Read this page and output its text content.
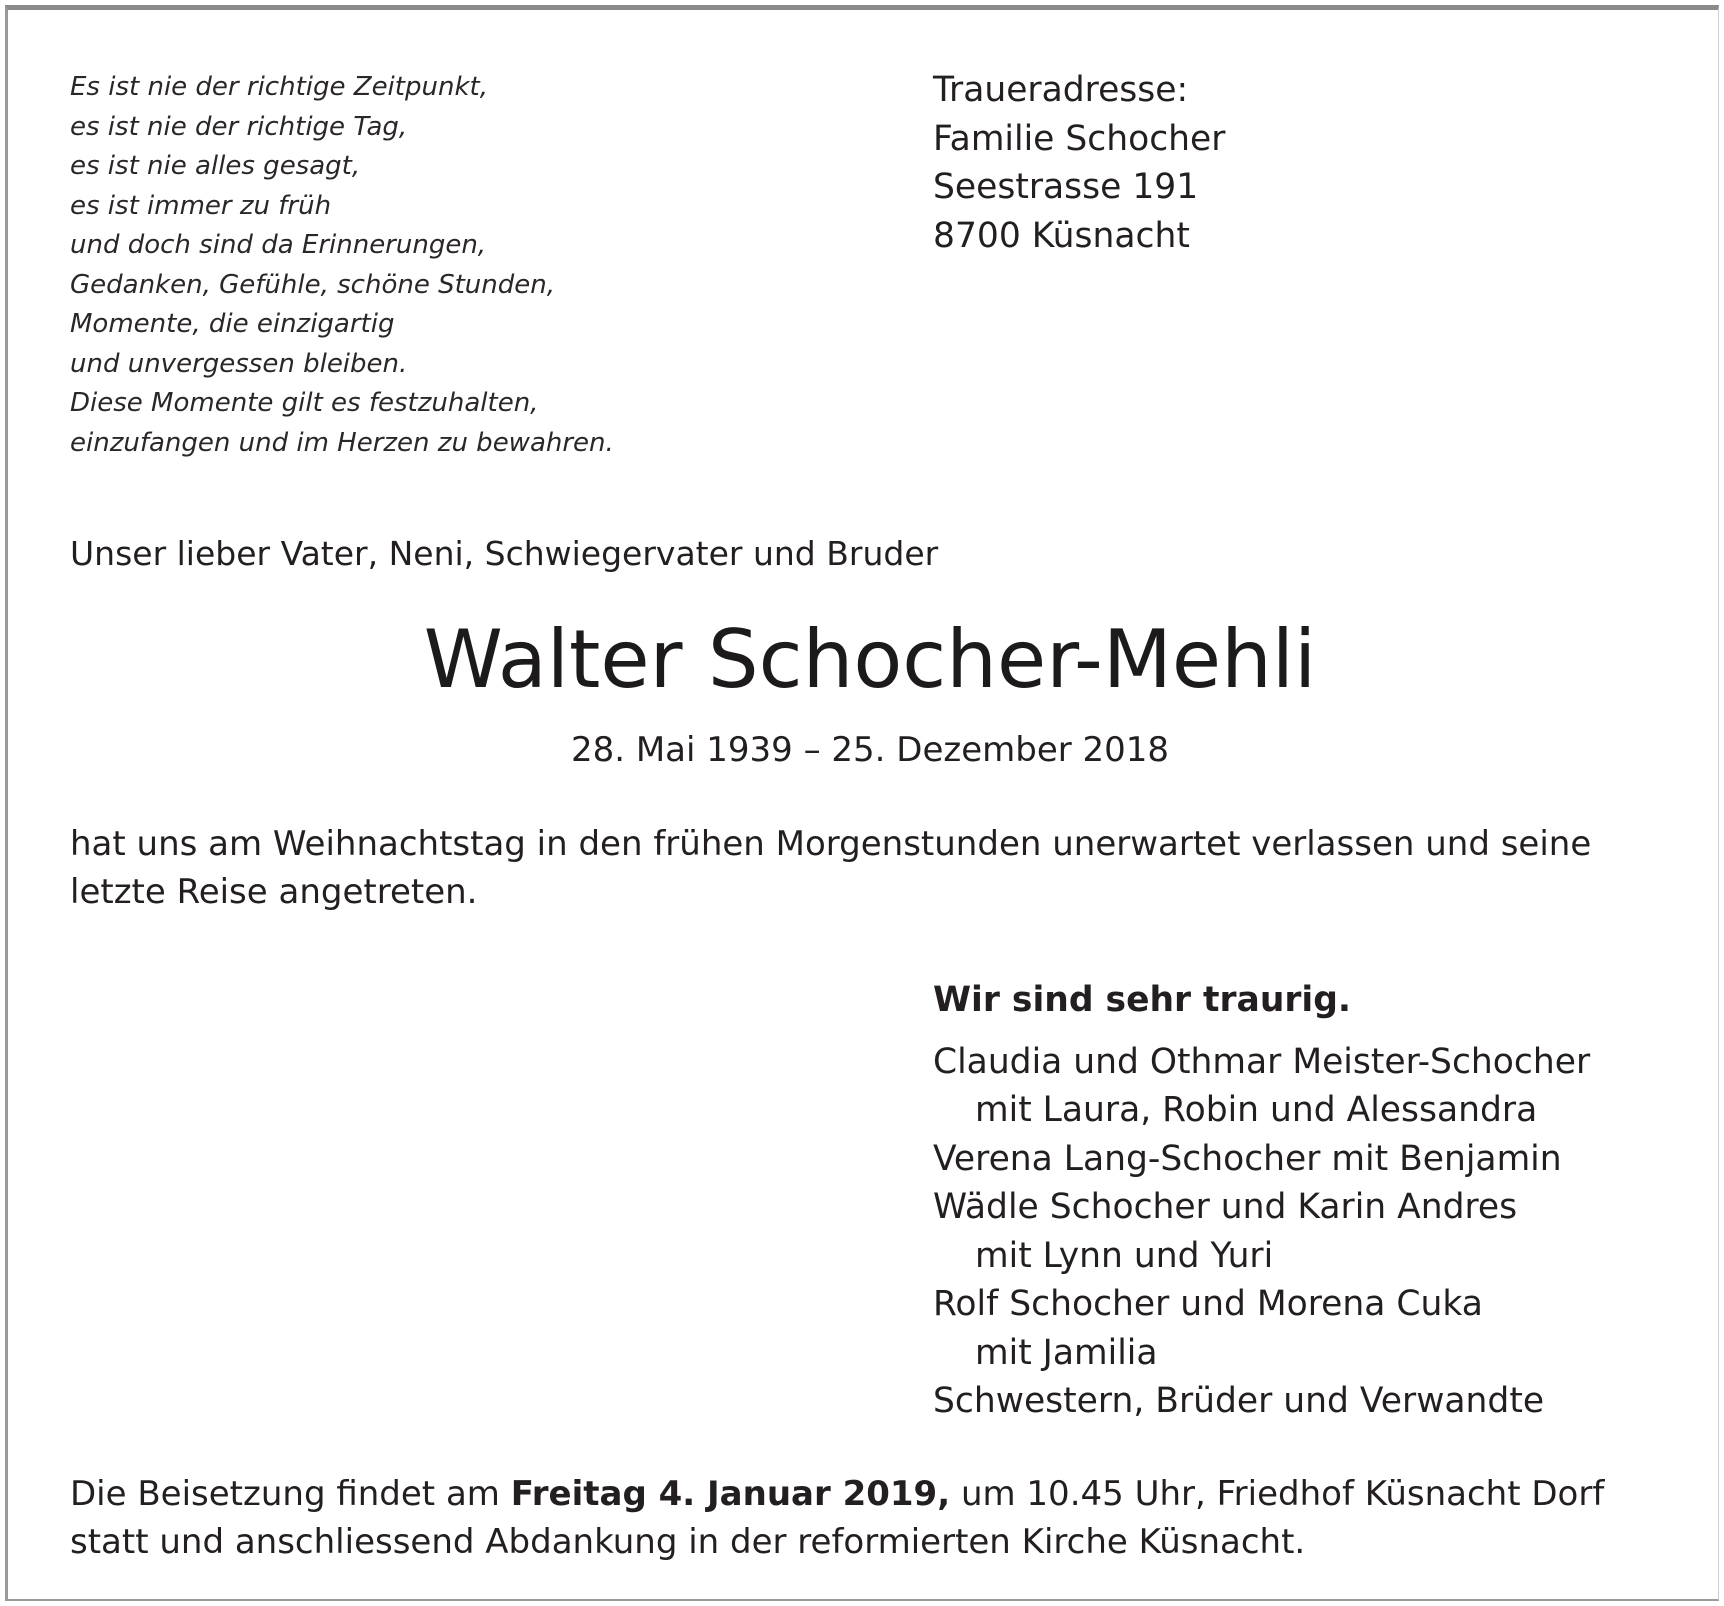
Es ist nie der richtige Zeitpunkt,
es ist nie der richtige Tag,
es ist nie alles gesagt,
es ist immer zu früh
und doch sind da Erinnerungen,
Gedanken, Gefühle, schöne Stunden,
Momente, die einzigartig
und unvergessen bleiben.
Diese Momente gilt es festzuhalten,
einzufangen und im Herzen zu bewahren.
Traueradresse:
Familie Schocher
Seestrasse 191
8700 Küsnacht
Unser lieber Vater, Neni, Schwiegervater und Bruder
Walter Schocher-Mehli
28. Mai 1939 – 25. Dezember 2018
hat uns am Weihnachtstag in den frühen Morgenstunden unerwartet verlassen und seine letzte Reise angetreten.
Wir sind sehr traurig.
Claudia und Othmar Meister-Schocher
mit Laura, Robin und Alessandra
Verena Lang-Schocher mit Benjamin
Wädle Schocher und Karin Andres
mit Lynn und Yuri
Rolf Schocher und Morena Cuka
mit Jamilia
Schwestern, Brüder und Verwandte
Die Beisetzung findet am Freitag 4. Januar 2019, um 10.45 Uhr, Friedhof Küsnacht Dorf statt und anschliessend Abdankung in der reformierten Kirche Küsnacht.
